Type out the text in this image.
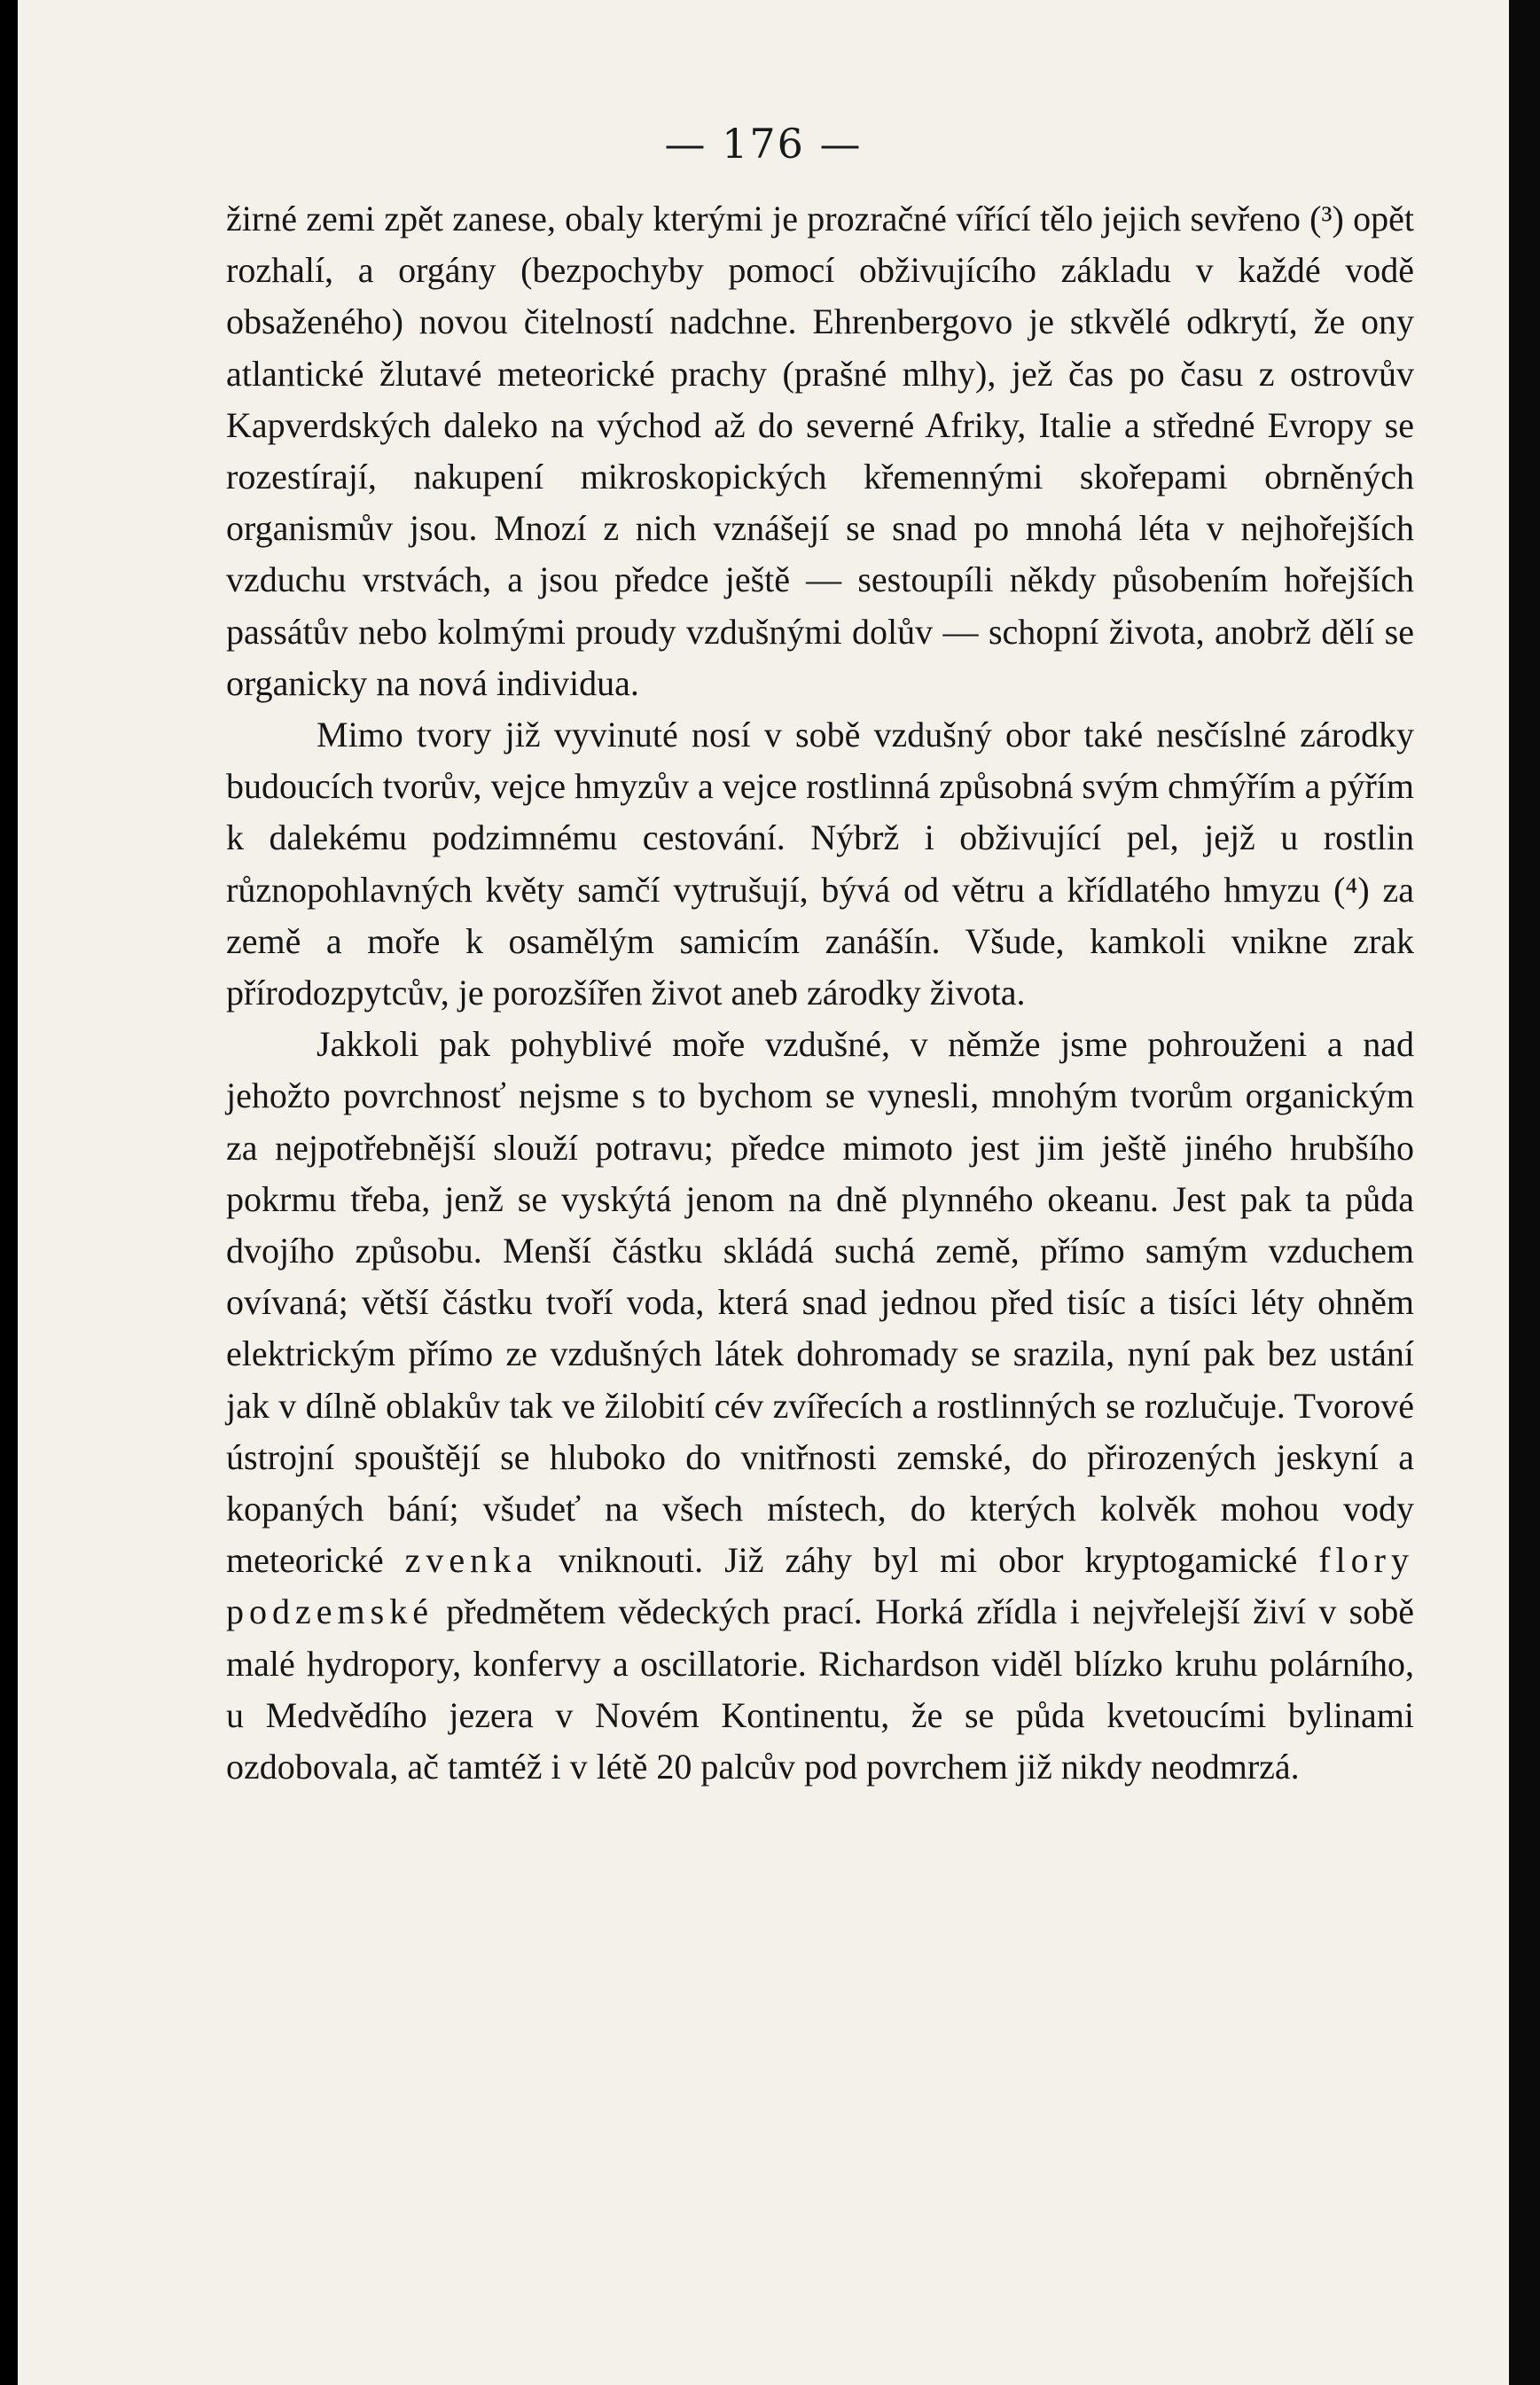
— 176 —

žirné zemi zpět zanese, obaly kterými je prozračné vířící tělo jejich sevřeno (³) opět rozhalí, a orgány (bezpochyby pomocí obživujícího základu v každé vodě obsaženého) novou čitelností nadchne. Ehrenbergovo je stkvělé odkrytí, že ony atlantické žlutavé meteorické prachy (prašné mlhy), jež čas po času z ostrovův Kapverdských daleko na východ až do severné Afriky, Italie a středné Evropy se rozestírají, nakupení mikroskopických křemennými skořepami obrněných organismův jsou. Mnozí z nich vznášejí se snad po mnohá léta v nejhořejších vzduchu vrstvách, a jsou předce ještě — sestoupíli někdy působením hořejších passátův nebo kolmými proudy vzdušnými dolův — schopní života, anobrž dělí se organicky na nová individua.

Mimo tvory již vyvinuté nosí v sobě vzdušný obor také nesčíslné zárodky budoucích tvorův, vejce hmyzův a vejce rostlinná způsobná svým chmýřím a pýřím k dalekému podzimnému cestování. Nýbrž i obživující pel, jejž u rostlin různopohlavných květy samčí vytrušují, bývá od větru a křídlatého hmyzu (⁴) za země a moře k osamělým samicím zanášín. Všude, kamkoli vnikne zrak přírodozpytcův, je porozšířen život aneb zárodky života.

Jakkoli pak pohyblivé moře vzdušné, v němže jsme pohrouženi a nad jehožto povrchnosť nejsme s to bychom se vynesli, mnohým tvorům organickým za nejpotřebnější slouží potravu; předce mimoto jest jim ještě jiného hrubšího pokrmu třeba, jenž se vyskýtá jenom na dně plynného okeanu. Jest pak ta půda dvojího způsobu. Menší částku skládá suchá země, přímo samým vzduchem ovívaná; větší částku tvoří voda, která snad jednou před tisíc a tisíci léty ohněm elektrickým přímo ze vzdušných látek dohromady se srazila, nyní pak bez ustání jak v dílně oblakův tak ve žilobití cév zvířecích a rostlinných se rozlučuje. Tvorové ústrojní spouštějí se hluboko do vnitřnosti zemské, do přirozených jeskyní a kopaných bání; všudeť na všech místech, do kterých kolvěk mohou vody meteorické zvenka vniknouti. Již záhy byl mi obor kryptogamické flory podzemské předmětem vědeckých prací. Horká zřídla i nejvřelejší živí v sobě malé hydropory, konfervy a oscillatorie. Richardson viděl blízko kruhu polárního, u Medvědího jezera v Novém Kontinentu, že se půda kvetoucími bylinami ozdobovala, ač tamtéž i v létě 20 palcův pod povrchem již nikdy neodmrzá.
